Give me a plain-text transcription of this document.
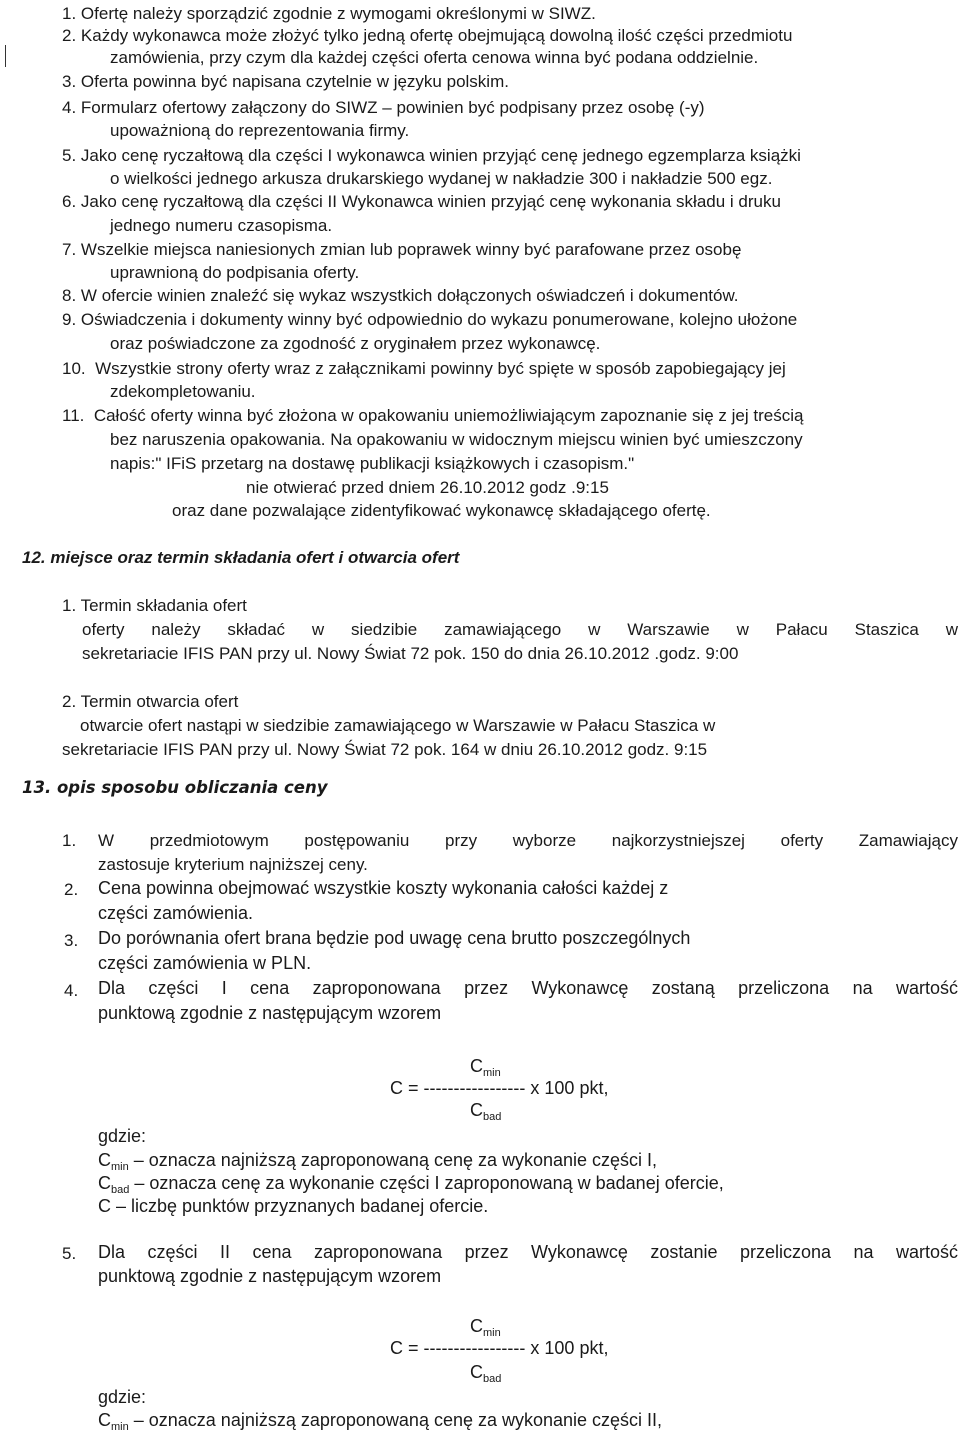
1. Ofertę należy sporządzić zgodnie z wymogami określonymi w SIWZ.
2. Każdy wykonawca może złożyć tylko jedną ofertę obejmującą dowolną ilość części przedmiotu
zamówienia, przy czym dla każdej części oferta cenowa winna być podana oddzielnie.
3. Oferta powinna być napisana czytelnie w języku polskim.
4. Formularz ofertowy załączony do SIWZ – powinien być podpisany przez osobę (-y)
upoważnioną do reprezentowania firmy.
5. Jako cenę ryczałtową dla części I wykonawca winien przyjąć cenę jednego egzemplarza książki
o wielkości jednego arkusza drukarskiego wydanej w nakładzie 300 i nakładzie 500 egz.
6. Jako cenę ryczałtową dla części II Wykonawca winien przyjąć cenę wykonania składu i druku
jednego numeru czasopisma.
7. Wszelkie miejsca naniesionych zmian lub poprawek winny być parafowane przez osobę
uprawnioną do podpisania oferty.
8. W ofercie winien znaleźć się wykaz wszystkich dołączonych oświadczeń i dokumentów.
9. Oświadczenia i dokumenty winny być odpowiednio do wykazu ponumerowane, kolejno ułożone
oraz poświadczone za zgodność z oryginałem przez wykonawcę.
10. Wszystkie strony oferty wraz z załącznikami powinny być spięte w sposób zapobiegający jej
zdekompletowaniu.
11. Całość oferty winna być złożona w opakowaniu uniemożliwiającym zapoznanie się z jej treścią
bez naruszenia opakowania. Na opakowaniu w widocznym miejscu winien być umieszczony
napis:" IFiS przetarg na dostawę publikacji książkowych i czasopism."
nie otwierać przed dniem 26.10.2012 godz .9:15
oraz dane pozwalające zidentyfikować wykonawcę składającego ofertę.
12. miejsce oraz termin składania ofert i otwarcia ofert
1. Termin składania ofert
oferty należy składać w siedzibie zamawiającego w Warszawie w Pałacu Staszica w
sekretariacie IFIS PAN przy ul. Nowy Świat 72 pok. 150 do dnia 26.10.2012 .godz. 9:00
2. Termin otwarcia ofert
otwarcie ofert nastąpi w siedzibie zamawiającego w Warszawie w Pałacu Staszica w
sekretariacie IFIS PAN przy ul. Nowy Świat 72 pok. 164 w dniu 26.10.2012 godz. 9:15
13. opis sposobu obliczania ceny
1. W przedmiotowym postępowaniu przy wyborze najkorzystniejszej oferty Zamawiający
zastosuje kryterium najniższej ceny.
2. Cena powinna obejmować wszystkie koszty wykonania całości każdej z
części zamówienia.
3. Do porównania ofert brana będzie pod uwagę cena brutto poszczególnych
części zamówienia w PLN.
4. Dla części I cena zaproponowana przez Wykonawcę zostaną przeliczona na wartość
punktową zgodnie z następującym wzorem
$C_{min}$
C = ----------------- x 100 pkt,
$C_{bad}$
gdzie:
$C_{min}$ – oznacza najniższą zaproponowaną cenę za wykonanie części I,
$C_{bad}$ – oznacza cenę za wykonanie części I zaproponowaną w badanej ofercie,
C – liczbę punktów przyznanych badanej ofercie.
5. Dla części II cena zaproponowana przez Wykonawcę zostanie przeliczona na wartość
punktową zgodnie z następującym wzorem
$C_{min}$
C = ----------------- x 100 pkt,
$C_{bad}$
gdzie:
$C_{min}$ – oznacza najniższą zaproponowaną cenę za wykonanie części II,
